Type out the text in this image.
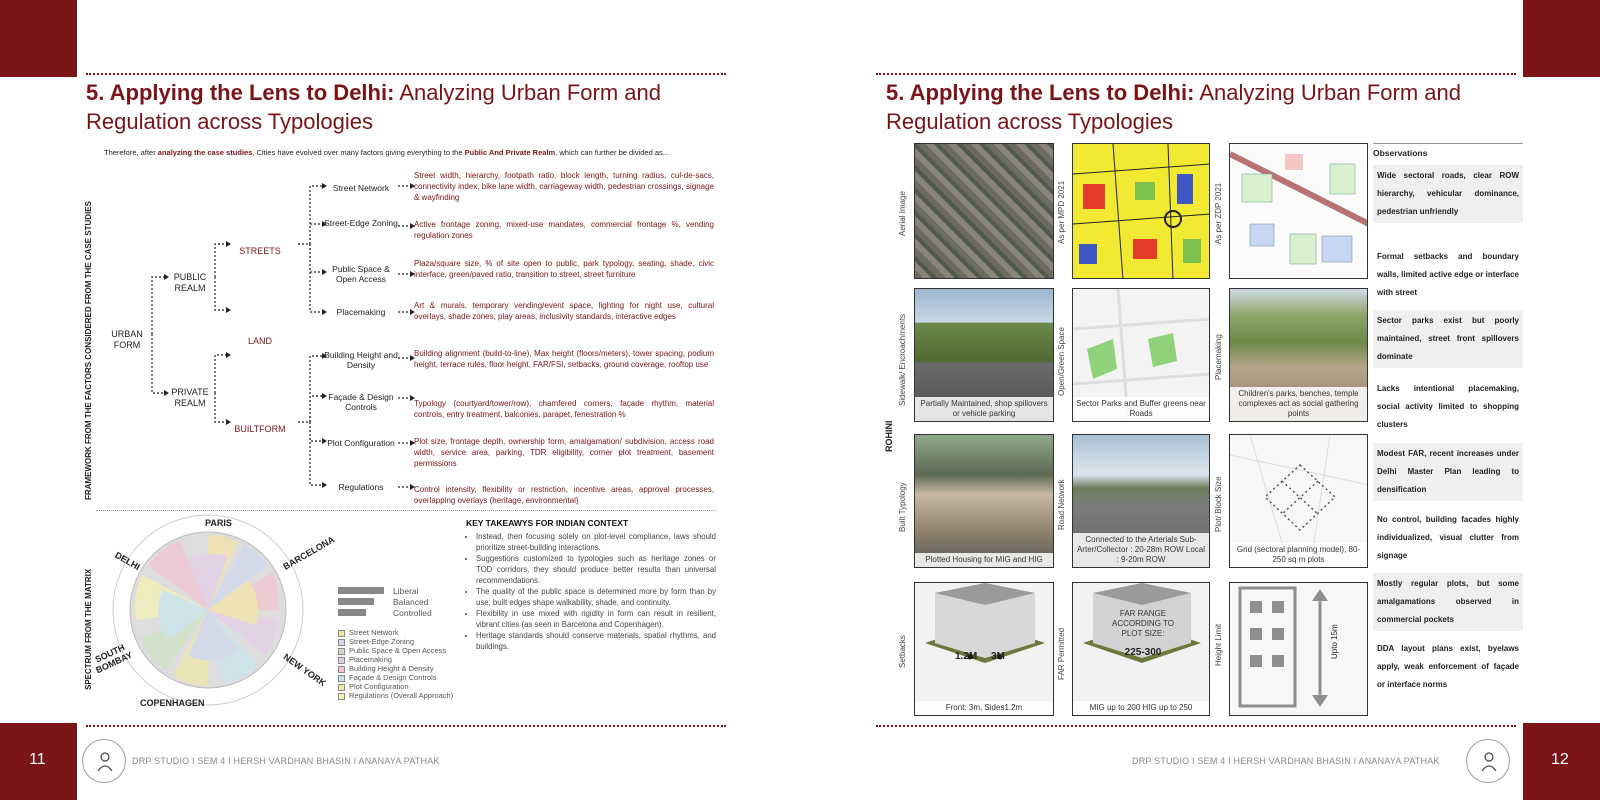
11	12
5. Applying the Lens to Delhi: Analyzing Urban Form and
Regulation across Typologies
Therefore, after analyzing the case studies, Cities have evolved over many factors giving everything to the Public And Private Realm, which can further be divided as...
FRAMEWORK FROM THE FACTORS CONSIDERED FROM THE CASE STUDIES	URBAN FORM
PUBLIC REALM
PRIVATE REALM
STREETS
LAND
BUILTFORM
Street Network
Street-Edge Zoning
Public Space & Open Access
Placemaking
Building Height and Density
Façade & Design Controls
Plot Configuration
Regulations
Street width, hierarchy, footpath ratio, block length, turning radius, cul-de-sacs, connectivity index, bike lane width, carriageway width, pedestrian crossings, signage & wayfinding
Active frontage zoning, mixed-use mandates, commercial frontage %, vending regulation zones
Plaza/square size, % of site open to public, park typology, seating, shade, civic interface, green/paved ratio, transition to street, street furniture
Art & murals, temporary vending/event space, lighting for night use, cultural overlays, shade zones, play areas, inclusivity standards, interactive edges
Building alignment (build-to-line), Max height (floors/meters), tower spacing, podium height, terrace rules, floor height, FAR/FSI, setbacks, ground coverage, rooftop use
Typology (courtyard/tower/row), chamfered corners, façade rhythm, material controls, entry treatment, balconies, parapet, fenestration %
Plot size, frontage depth, ownership form, amalgamation/ subdivision, access road width, service area, parking, TDR eligibility, corner plot treatment, basement permissions
Control intensity, flexibility or restriction, incentive areas, approval processes, overlapping overlays (heritage, environmental)
SPECTRUM FROM THE MATRIX
PARIS
BARCELONA
NEW YORK
COPENHAGEN
SOUTH BOMBAY
DELHI
Liberal
Balanced
Controlled
Street Network
Street-Edge Zoning
Public Space & Open Access
Placemaking
Building Height & Density
Façade & Design Controls
Plot Configuration
Regulations (Overall Approach)
KEY TAKEAWYS FOR INDIAN CONTEXT
• Instead, then focusing solely on plot-level compliance, laws should prioritize street-building interactions.
• Suggestions customized to typologies such as heritage zones or TOD corridors, they should produce better results than universal recommendations.
• The quality of the public space is determined more by form than by use; built edges shape walkability, shade, and continuity.
• Flexibility in use mixed with rigidity in form can result in resilient, vibrant cities (as seen in Barcelona and Copenhagen).
• Heritage standards should conserve materials, spatial rhythms, and buildings.
DRP STUDIO I SEM 4 I HERSH VARDHAN BHASIN I ANANAYA PATHAK
5. Applying the Lens to Delhi: Analyzing Urban Form and
Regulation across Typologies
ROHINI
Aerial Image
Sidewalk/ Encroachments
Built Typology
Setbacks
As per MPD 2021
Open/Green Space
Road Network
FAR Permitted
As per ZDP 2021
Placemaking
Plot/ Block Size
Height Limit
Partially Maintained, shop spillovers or vehicle parking
Sector Parks and Buffer greens near Roads
Children's parks, benches, temple complexes act as social gathering points
Plotted Housing for MIG and HIG
Connected to the Arterials Sub-Arter/Collector : 20-28m ROW Local : 9-20m ROW
Grid (sectoral planning model), 80-250 sq m plots
1.2M 3M
Front: 3m, Sides1.2m
FAR RANGE ACCORDING TO PLOT SIZE:
225-300
MIG up to 200 HIG up to 250
Upto 15m
Observations
Wide sectoral roads, clear ROW hierarchy, vehicular dominance, pedestrian unfriendly
Formal setbacks and boundary walls, limited active edge or interface with street
Sector parks exist but poorly maintained, street front spillovers dominate
Lacks intentional placemaking, social activity limited to shopping clusters
Modest FAR, recent increases under Delhi Master Plan leading to densification
No control, building facades highly individualized, visual clutter from signage
Mostly regular plots, but some amalgamations observed in commercial pockets
DDA layout plans exist, byelaws apply, weak enforcement of façade or interface norms
DRP STUDIO I SEM 4 I HERSH VARDHAN BHASIN I ANANAYA PATHAK
